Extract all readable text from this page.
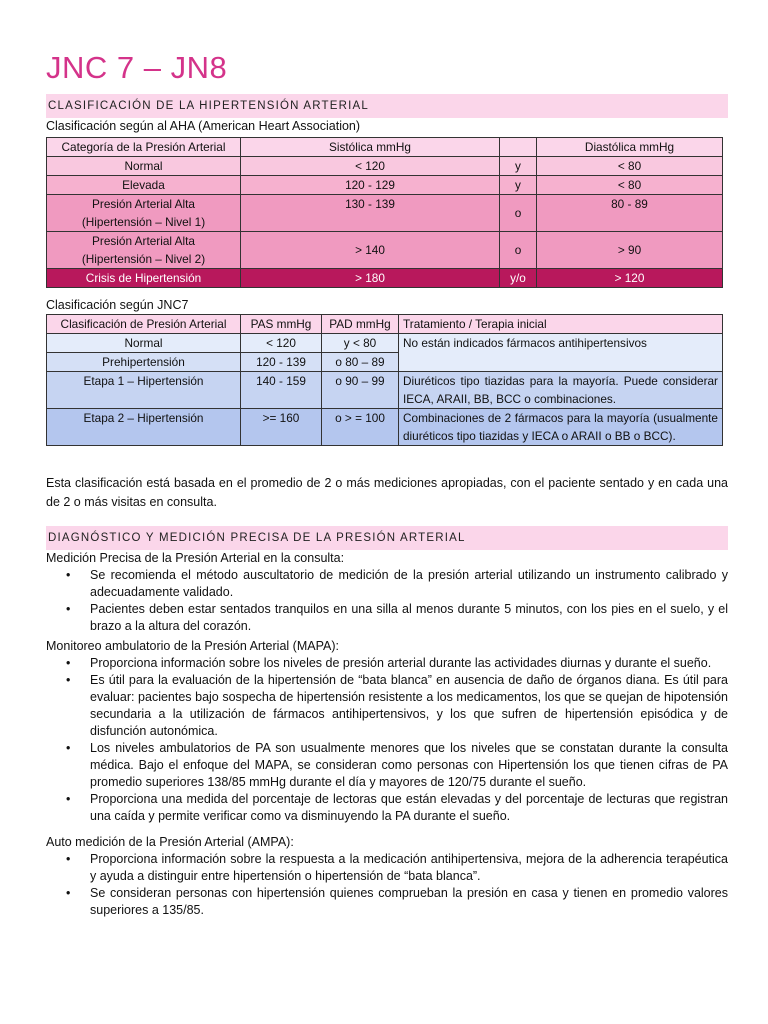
JNC 7 – JN8
CLASIFICACIÓN DE LA HIPERTENSIÓN ARTERIAL
Clasificación según al AHA (American Heart Association)
Categoría de la Presión Arterial	Sistólica mmHg		Diastólica mmHg
Normal	< 120	y	< 80
Elevada	120 - 129	y	< 80

Presión Arterial Alta
(Hipertensión – Nivel 1)	130 - 139	o	80 - 89

Presión Arterial Alta
(Hipertensión – Nivel 2)	> 140	o	> 90
Crisis de Hipertensión	> 180	y/o	> 120
Clasificación según JNC7
Clasificación de Presión Arterial	PAS mmHg	PAD mmHg	Tratamiento / Terapia inicial
Normal	< 120	y < 80	No están indicados fármacos antihipertensivos
Prehipertensión	120 - 139	o 80 – 89	
Etapa 1 – Hipertensión	140 - 159	o 90 – 99	Diuréticos tipo tiazidas para la mayoría. Puede considerar IECA, ARAII, BB, BCC o combinaciones.
Etapa 2 – Hipertensión	>= 160	o > = 100	Combinaciones de 2 fármacos para la mayoría (usualmente diuréticos tipo tiazidas y IECA o ARAII o BB o BCC).
Esta clasificación está basada en el promedio de 2 o más mediciones apropiadas, con el paciente sentado y en cada una de 2 o más visitas en consulta.
DIAGNÓSTICO Y MEDICIÓN PRECISA DE LA PRESIÓN ARTERIAL
Medición Precisa de la Presión Arterial en la consulta:
• Se recomienda el método auscultatorio de medición de la presión arterial utilizando un instrumento calibrado y adecuadamente validado.
• Pacientes deben estar sentados tranquilos en una silla al menos durante 5 minutos, con los pies en el suelo, y el brazo a la altura del corazón.
Monitoreo ambulatorio de la Presión Arterial (MAPA):
• Proporciona información sobre los niveles de presión arterial durante las actividades diurnas y durante el sueño.
• Es útil para la evaluación de la hipertensión de “bata blanca” en ausencia de daño de órganos diana. Es útil para evaluar: pacientes bajo sospecha de hipertensión resistente a los medicamentos, los que se quejan de hipotensión secundaria a la utilización de fármacos antihipertensivos, y los que sufren de hipertensión episódica y de disfunción autonómica.
• Los niveles ambulatorios de PA son usualmente menores que los niveles que se constatan durante la consulta médica. Bajo el enfoque del MAPA, se consideran como personas con Hipertensión los que tienen cifras de PA promedio superiores 138/85 mmHg durante el día y mayores de 120/75 durante el sueño.
• Proporciona una medida del porcentaje de lectoras que están elevadas y del porcentaje de lecturas que registran una caída y permite verificar como va disminuyendo la PA durante el sueño.
Auto medición de la Presión Arterial (AMPA):
• Proporciona información sobre la respuesta a la medicación antihipertensiva, mejora de la adherencia terapéutica y ayuda a distinguir entre hipertensión o hipertensión de “bata blanca”.
• Se consideran personas con hipertensión quienes comprueban la presión en casa y tienen en promedio valores superiores a 135/85.
